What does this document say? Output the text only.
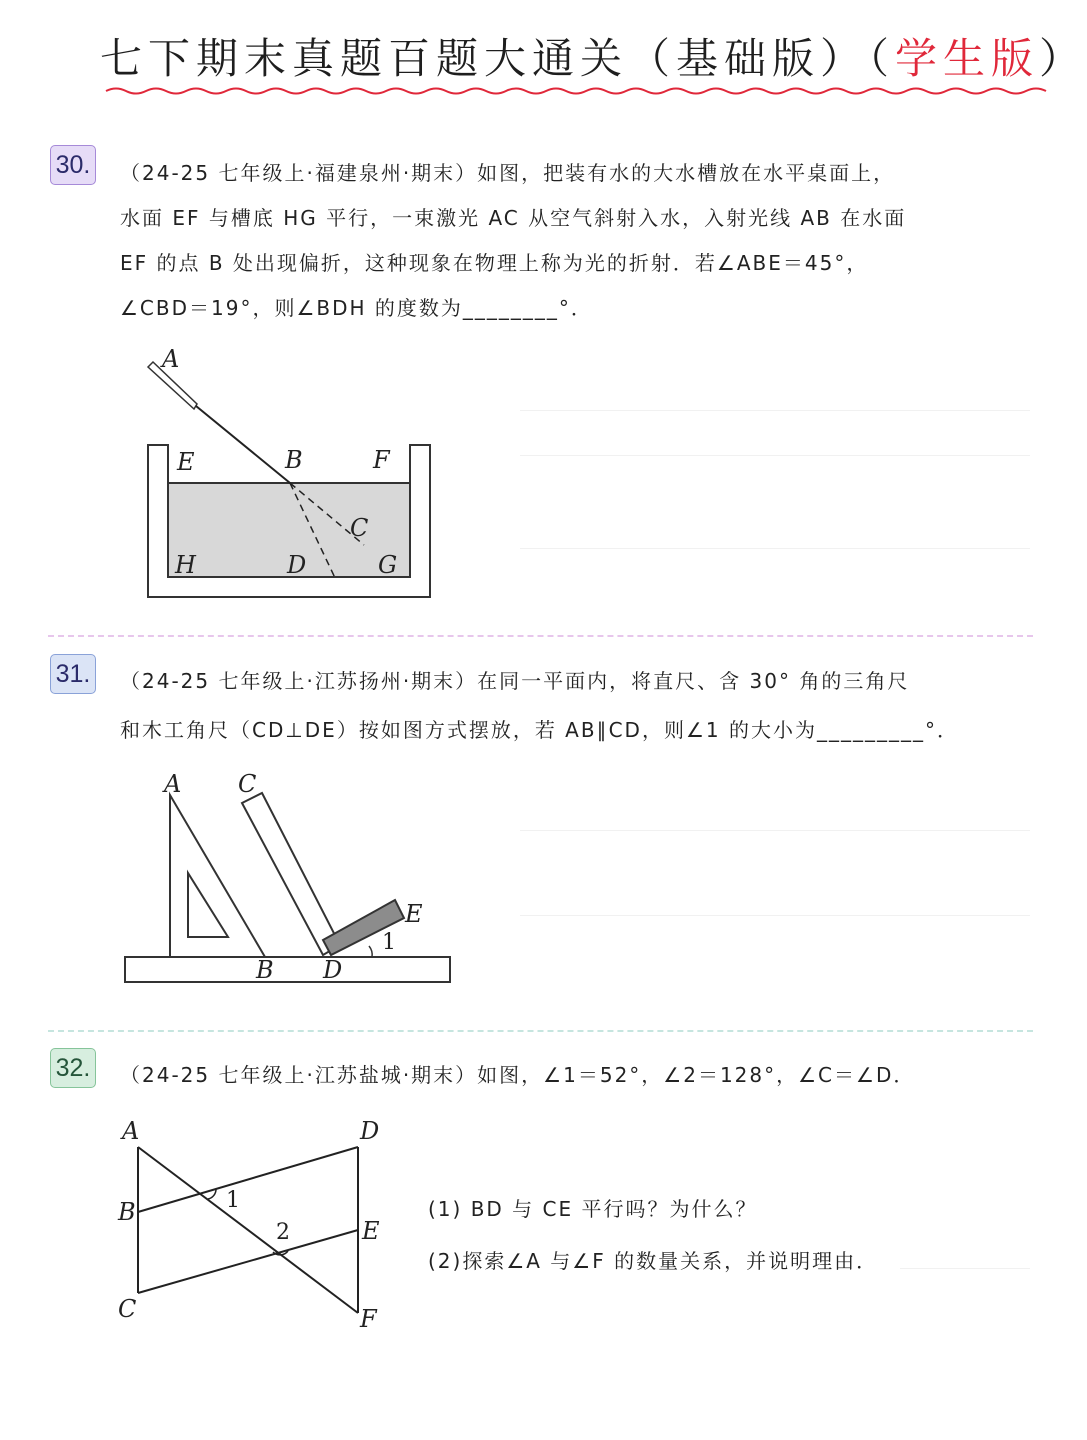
七下期末真题百题大通关（基础版）（学生版）
30. （24-25 七年级上·福建泉州·期末）如图，把装有水的大水槽放在水平桌面上，
水面 EF 与槽底 HG 平行，一束激光 AC 从空气斜射入水，入射光线 AB 在水面
EF 的点 B 处出现偏折，这种现象在物理上称为光的折射．若∠ABE＝45°，
∠CBD＝19°，则∠BDH 的度数为________°．
A
E	B	F
C
H	D	G
31. （24-25 七年级上·江苏扬州·期末）在同一平面内，将直尺、含 30° 角的三角尺
和木工角尺（CD⊥DE）按如图方式摆放，若 AB∥CD，则∠1 的大小为_________°．
A C
E
1
B D
32. （24-25 七年级上·江苏盐城·期末）如图，∠1＝52°，∠2＝128°，∠C＝∠D．
A	D
B	1
2	E
C	F
(1) BD 与 CE 平行吗？为什么？
(2)探索∠A 与∠F 的数量关系，并说明理由．
